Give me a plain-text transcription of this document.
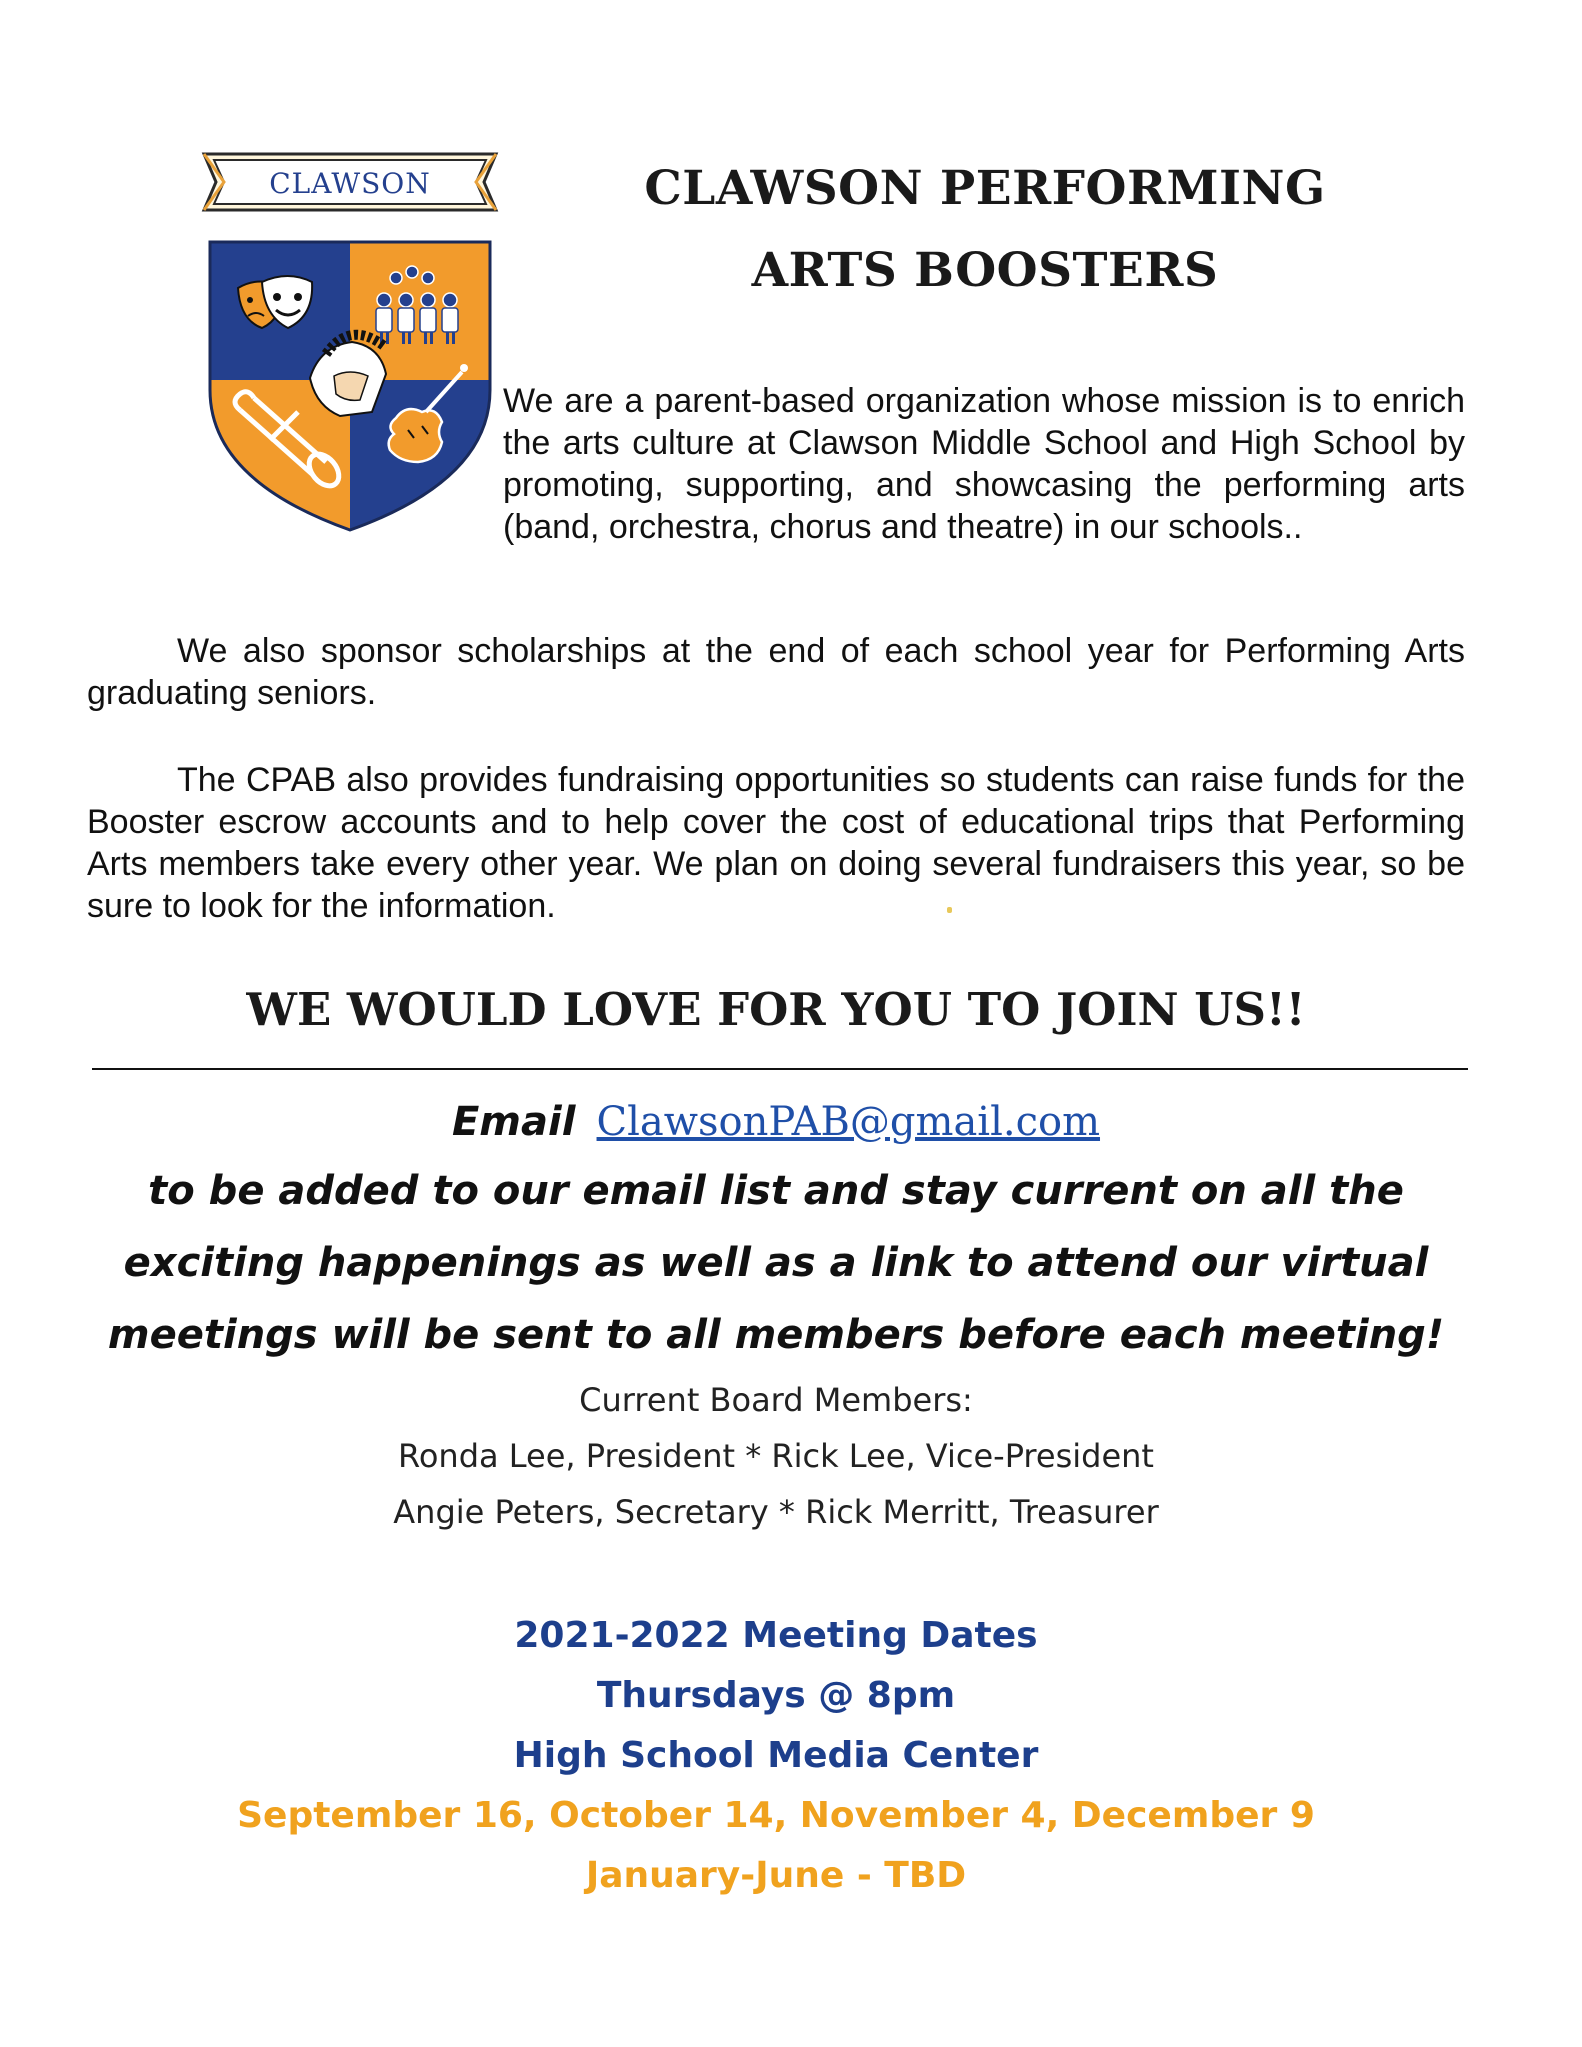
CLAWSON	CLAWSON PERFORMING
ARTS BOOSTERS
We are a parent-based organization whose mission is to enrich the arts culture at Clawson Middle School and High School by promoting, supporting, and showcasing the performing arts (band, orchestra, chorus and theatre) in our schools..
We also sponsor scholarships at the end of each school year for Performing Arts graduating seniors.
The CPAB also provides fundraising opportunities so students can raise funds for the Booster escrow accounts and to help cover the cost of educational trips that Performing Arts members take every other year. We plan on doing several fundraisers this year, so be sure to look for the information.
WE WOULD LOVE FOR YOU TO JOIN US!!
Email ClawsonPAB@gmail.com
to be added to our email list and stay current on all the
exciting happenings as well as a link to attend our virtual
meetings will be sent to all members before each meeting!
Current Board Members:
Ronda Lee, President * Rick Lee, Vice-President
Angie Peters, Secretary * Rick Merritt, Treasurer
2021-2022 Meeting Dates
Thursdays @ 8pm
High School Media Center
September 16, October 14, November 4, December 9
January-June - TBD
